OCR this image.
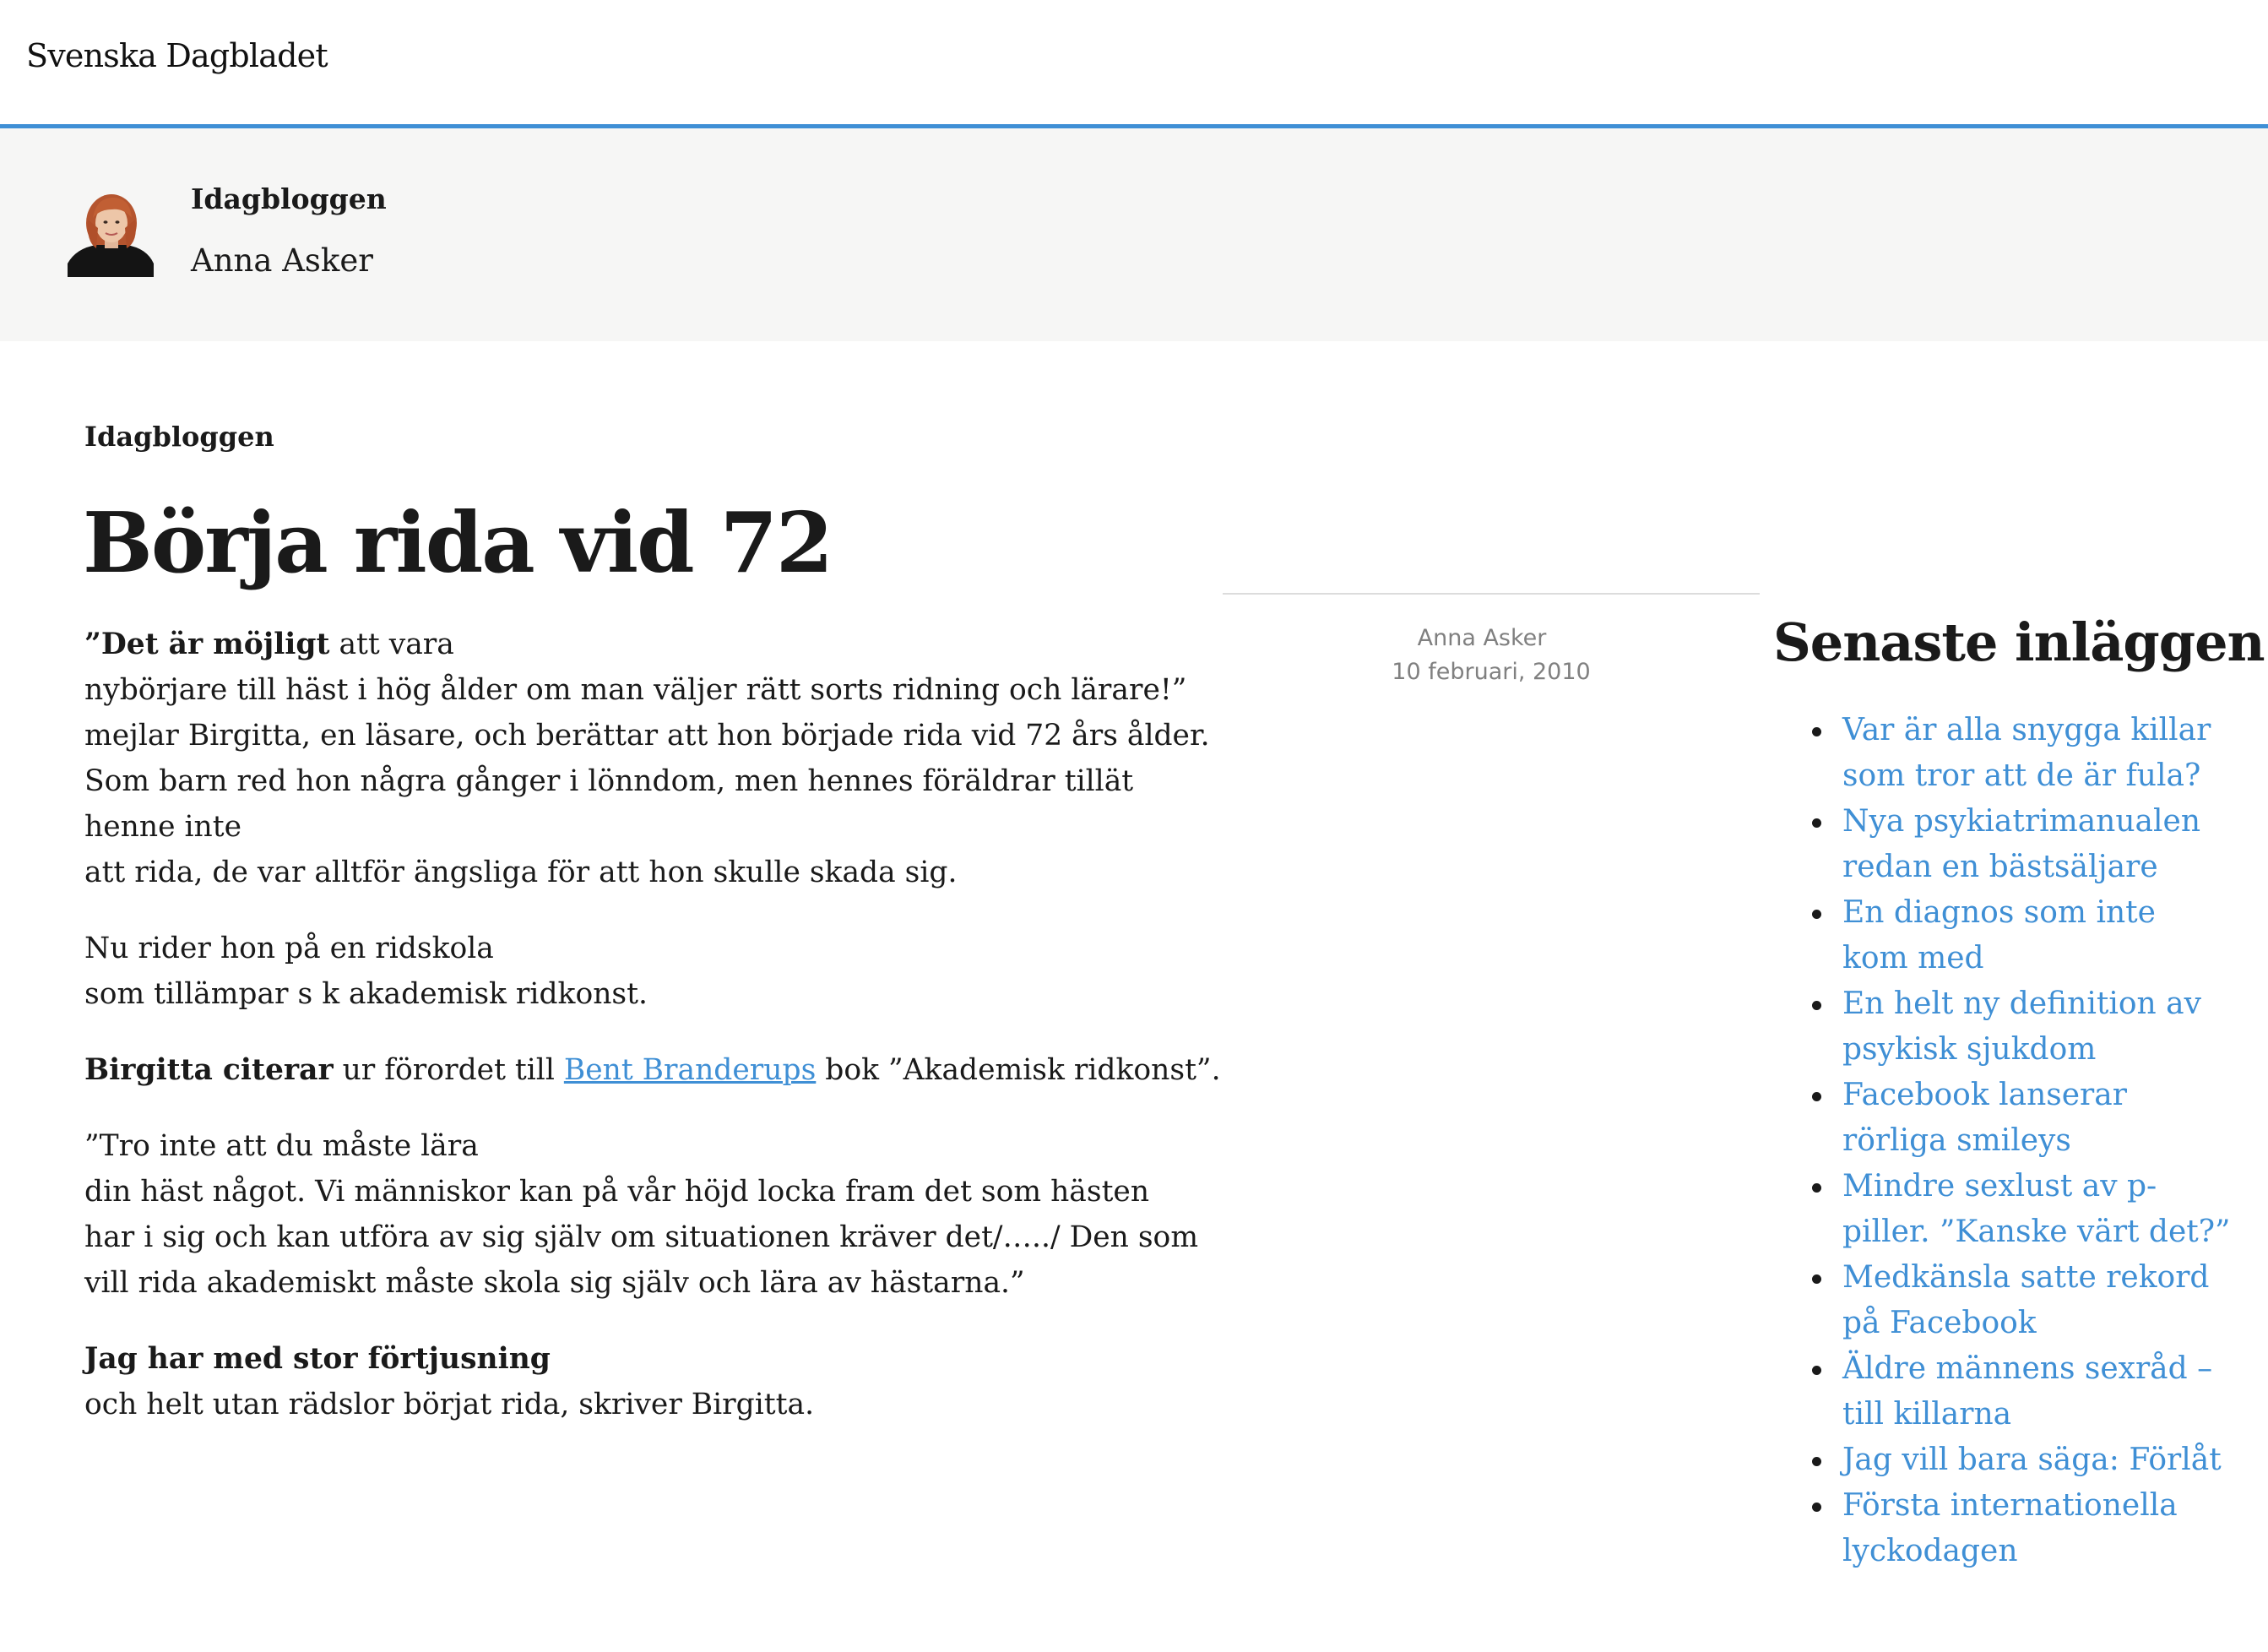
Svenska Dagbladet
Idagbloggen
Anna Asker
Idagbloggen
Börja rida vid 72

”Det är möjligt att vara
nybörjare till häst i hög ålder om man väljer rätt sorts ridning och lärare!”
mejlar Birgitta, en läsare, och berättar att hon började rida vid 72 års ålder.
Som barn red hon några gånger i lönndom, men hennes föräldrar tillät
henne inte
att rida, de var alltför ängsliga för att hon skulle skada sig.

Nu rider hon på en ridskola
som tillämpar s k akademisk ridkonst.

Birgitta citerar ur förordet till Bent Branderups bok ”Akademisk ridkonst”.

”Tro inte att du måste lära
din häst något. Vi människor kan på vår höjd locka fram det som hästen
har i sig och kan utföra av sig själv om situationen kräver det/…../ Den som
vill rida akademiskt måste skola sig själv och lära av hästarna.”

Jag har med stor förtjusning
och helt utan rädslor börjat rida, skriver Birgitta.

Anna Asker
10 februari, 2010	Senaste inläggen
Var är alla snygga killar
som tror att de är fula?
Nya psykiatrimanualen
redan en bästsäljare
En diagnos som inte
kom med
En helt ny definition av
psykisk sjukdom
Facebook lanserar
rörliga smileys
Mindre sexlust av p-
piller. ”Kanske värt det?”
Medkänsla satte rekord
på Facebook
Äldre männens sexråd –
till killarna
Jag vill bara säga: Förlåt
Första internationella
lyckodagen
